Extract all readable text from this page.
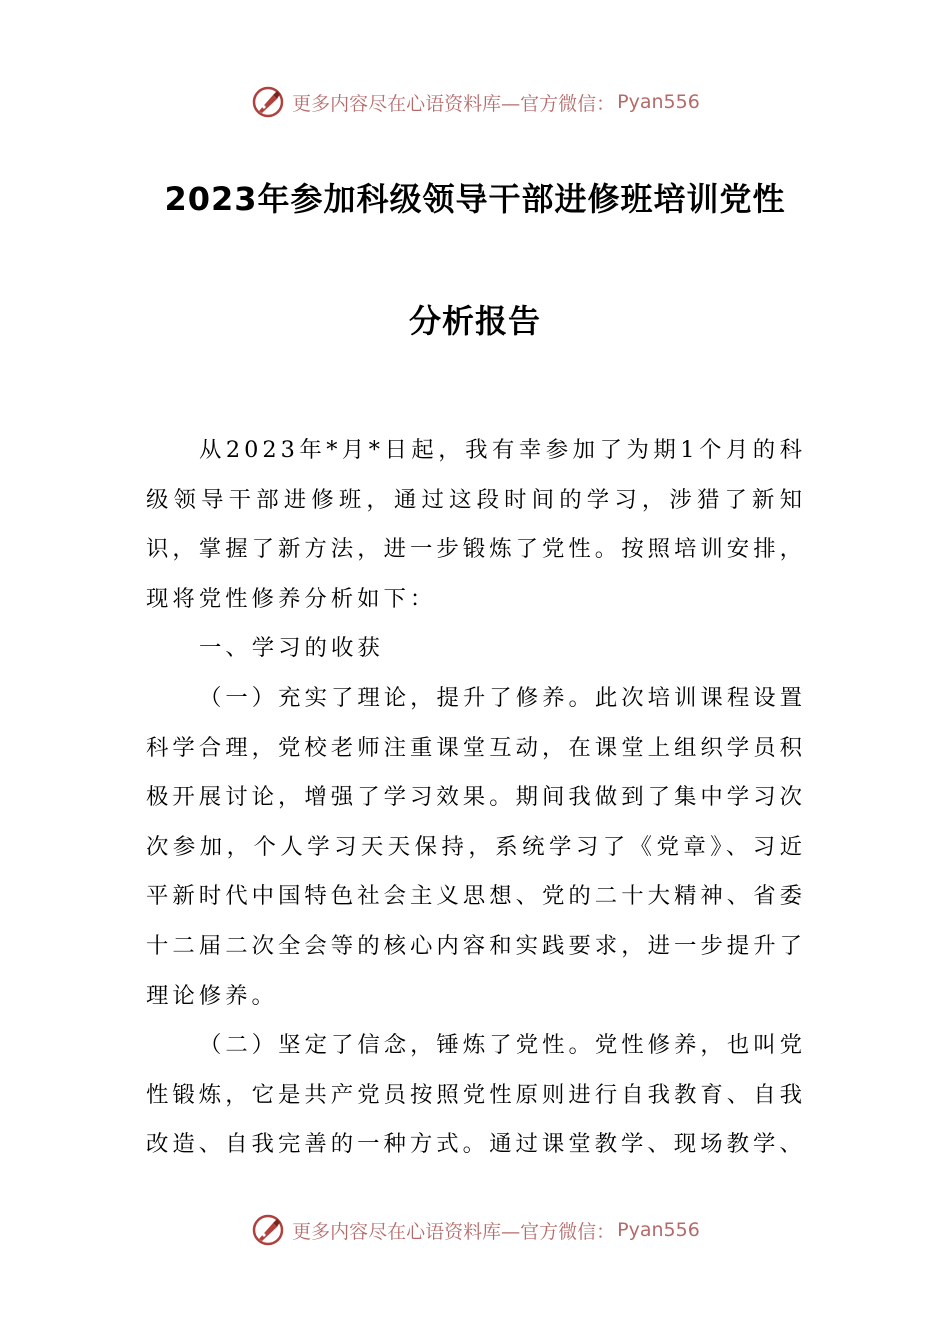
更多内容尽在心语资料库—官方微信： Pyan556
2023年参加科级领导干部进修班培训党性
分析报告

从2023年*月*日起，我有幸参加了为期1个月的科级领导干部进修班，通过这段时间的学习，涉猎了新知识，掌握了新方法，进一步锻炼了党性。按照培训安排，现将党性修养分析如下：

一、学习的收获

（一）充实了理论，提升了修养。此次培训课程设置科学合理，党校老师注重课堂互动，在课堂上组织学员积极开展讨论，增强了学习效果。期间我做到了集中学习次次参加，个人学习天天保持，系统学习了《党章》、习近平新时代中国特色社会主义思想、党的二十大精神、省委十二届二次全会等的核心内容和实践要求，进一步提升了理论修养。

（二）坚定了信念，锤炼了党性。党性修养，也叫党性锻炼，它是共产党员按照党性原则进行自我教育、自我改造、自我完善的一种方式。通过课堂教学、现场教学、

更多内容尽在心语资料库—官方微信： Pyan556
